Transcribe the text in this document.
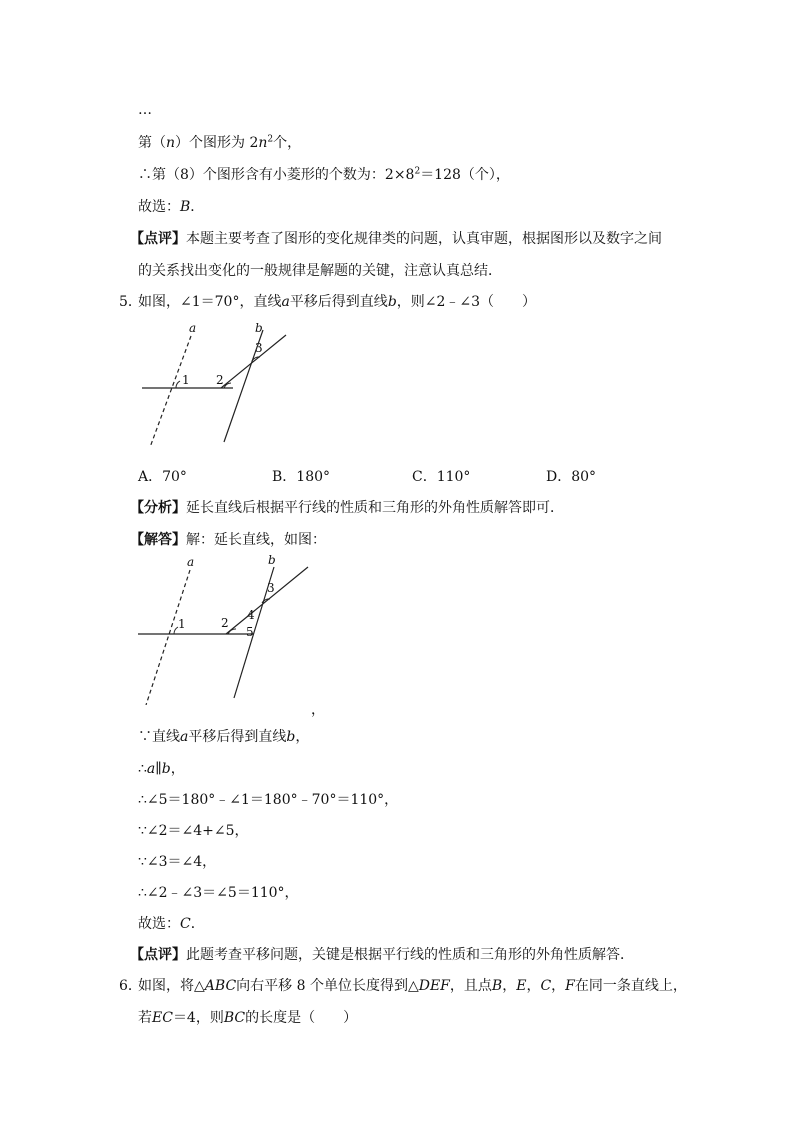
…
第（n）个图形为 $2n^2$个，
∴第（8）个图形含有小菱形的个数为：$2\times 8^2=128$（个），
故选：B．
【点评】本题主要考查了图形的变化规律类的问题，认真审题，根据图形以及数字之间
的关系找出变化的一般规律是解题的关键，注意认真总结．
5．
如图，∠1＝70°，直线a平移后得到直线b，则∠2﹣∠3（　　）
a	b
1 2
3
A．70°	B．180°	C．110°	D．80°
【分析】延长直线后根据平行线的性质和三角形的外角性质解答即可．
【解答】解：延长直线，如图：
a	b
1	2
3
4
5
，
∵直线a平移后得到直线b，
∴a∥b，
∴∠5＝180°﹣∠1＝180°﹣70°＝110°，
∵∠2＝∠4+∠5，
∵∠3＝∠4，
∴∠2﹣∠3＝∠5＝110°，
故选：C．
【点评】此题考查平移问题，关键是根据平行线的性质和三角形的外角性质解答．
6．
如图，将△ABC向右平移 8 个单位长度得到△DEF，且点B，E，C，F在同一条直线上，
若EC＝4，则BC的长度是（　　）
